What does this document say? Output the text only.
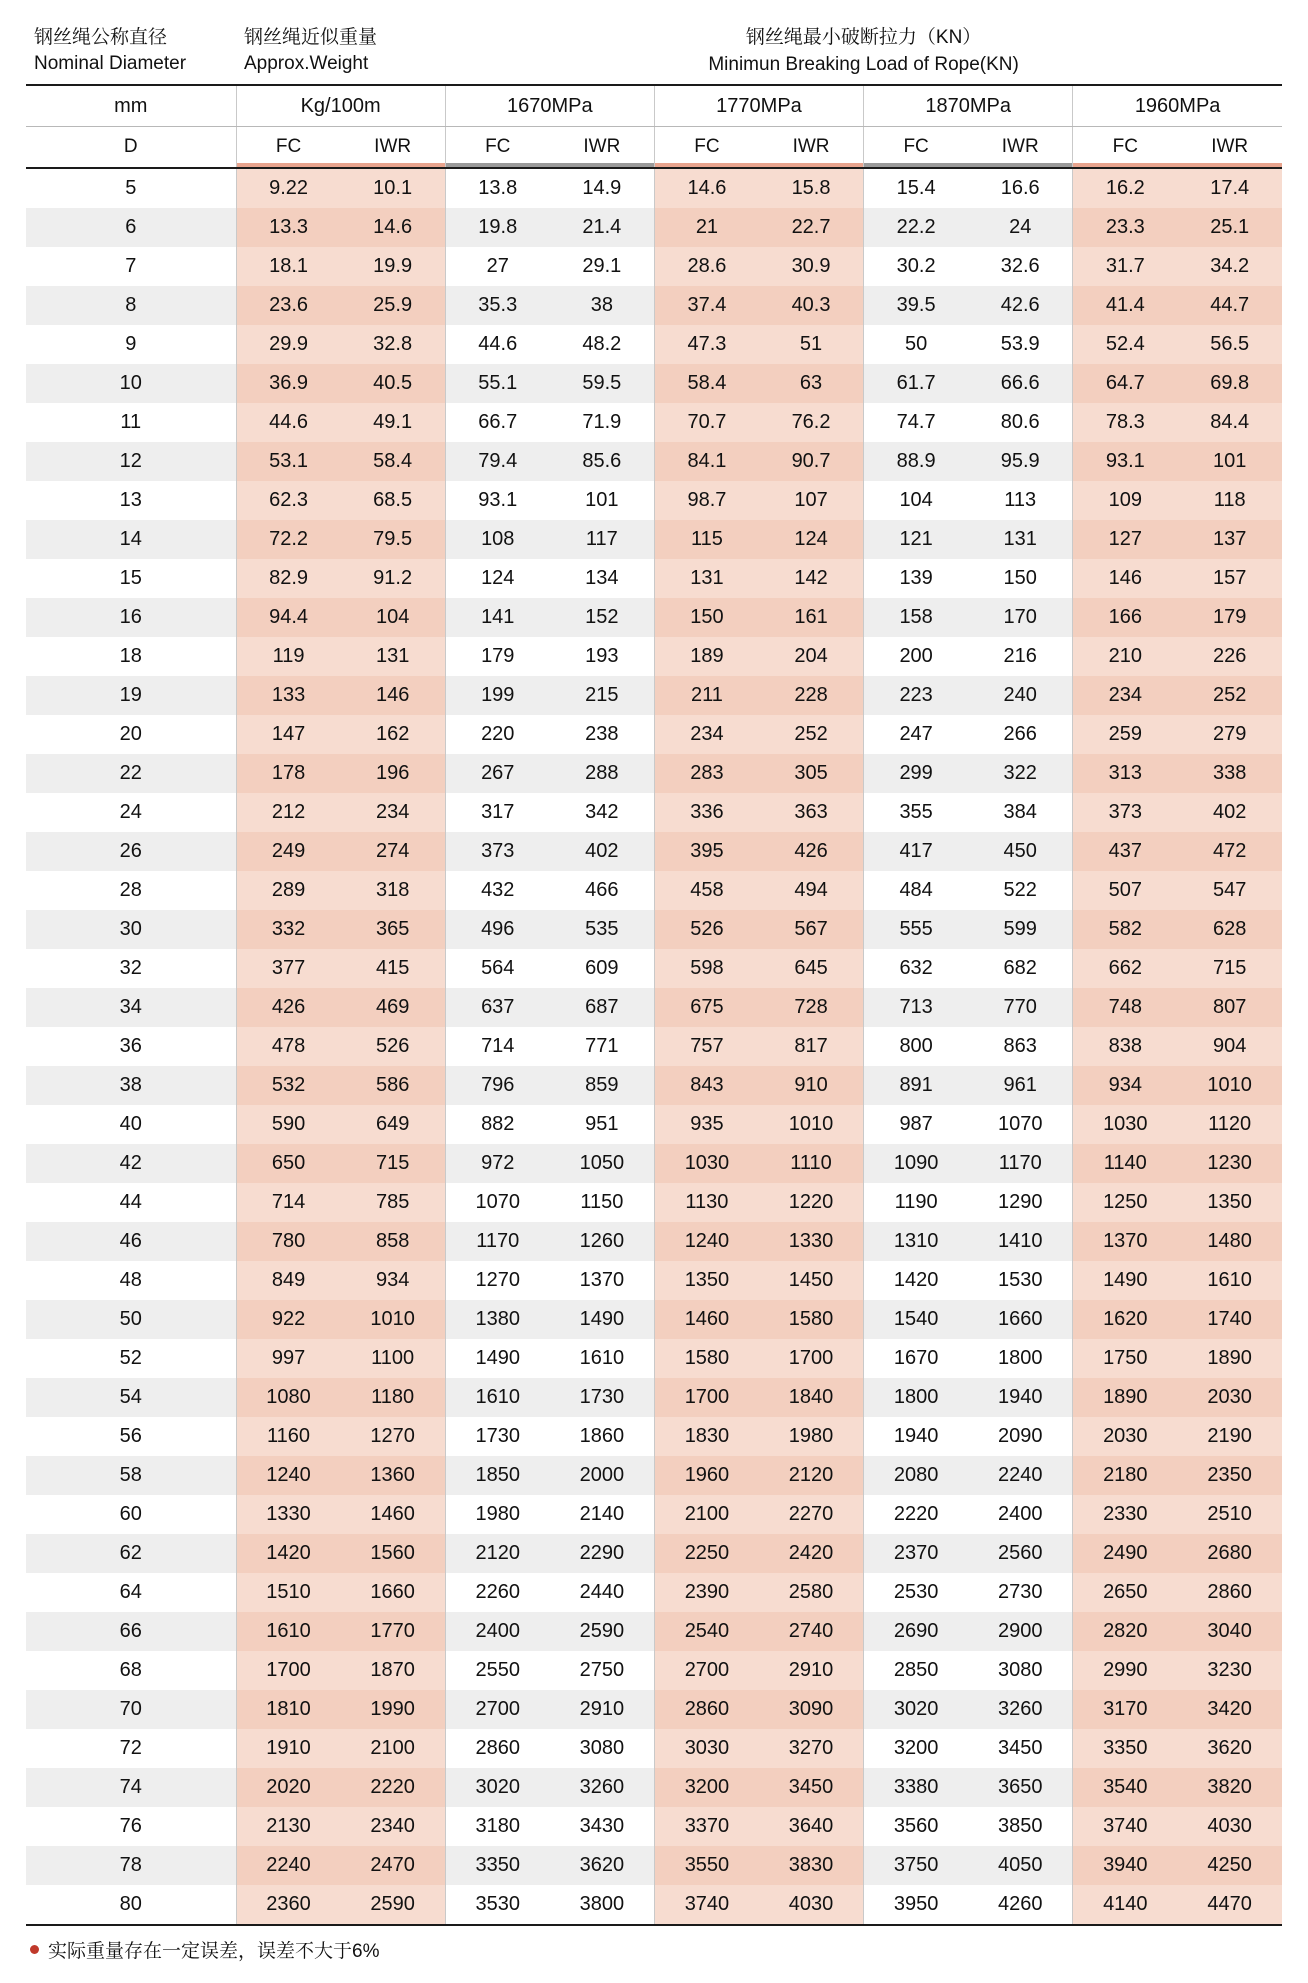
钢丝绳公称直径
Nominal Diameter	钢丝绳近似重量
Approx.Weight		钢丝绳最小破断拉力（KN）
Minimun Breaking Load of Rope(KN)							

mm	Kg/100m		1670MPa		1770MPa		1870MPa		1960MPa	
D	FC	IWR	FC	IWR	FC	IWR	FC	IWR	FC	IWR
5	9.22	10.1	13.8	14.9	14.6	15.8	15.4	16.6	16.2	17.4
6	13.3	14.6	19.8	21.4	21	22.7	22.2	24	23.3	25.1
7	18.1	19.9	27	29.1	28.6	30.9	30.2	32.6	31.7	34.2
8	23.6	25.9	35.3	38	37.4	40.3	39.5	42.6	41.4	44.7
9	29.9	32.8	44.6	48.2	47.3	51	50	53.9	52.4	56.5
10	36.9	40.5	55.1	59.5	58.4	63	61.7	66.6	64.7	69.8
11	44.6	49.1	66.7	71.9	70.7	76.2	74.7	80.6	78.3	84.4
12	53.1	58.4	79.4	85.6	84.1	90.7	88.9	95.9	93.1	101
13	62.3	68.5	93.1	101	98.7	107	104	113	109	118
14	72.2	79.5	108	117	115	124	121	131	127	137
15	82.9	91.2	124	134	131	142	139	150	146	157
16	94.4	104	141	152	150	161	158	170	166	179
18	119	131	179	193	189	204	200	216	210	226
19	133	146	199	215	211	228	223	240	234	252
20	147	162	220	238	234	252	247	266	259	279
22	178	196	267	288	283	305	299	322	313	338
24	212	234	317	342	336	363	355	384	373	402
26	249	274	373	402	395	426	417	450	437	472
28	289	318	432	466	458	494	484	522	507	547
30	332	365	496	535	526	567	555	599	582	628
32	377	415	564	609	598	645	632	682	662	715
34	426	469	637	687	675	728	713	770	748	807
36	478	526	714	771	757	817	800	863	838	904
38	532	586	796	859	843	910	891	961	934	1010
40	590	649	882	951	935	1010	987	1070	1030	1120
42	650	715	972	1050	1030	1110	1090	1170	1140	1230
44	714	785	1070	1150	1130	1220	1190	1290	1250	1350
46	780	858	1170	1260	1240	1330	1310	1410	1370	1480
48	849	934	1270	1370	1350	1450	1420	1530	1490	1610
50	922	1010	1380	1490	1460	1580	1540	1660	1620	1740
52	997	1100	1490	1610	1580	1700	1670	1800	1750	1890
54	1080	1180	1610	1730	1700	1840	1800	1940	1890	2030
56	1160	1270	1730	1860	1830	1980	1940	2090	2030	2190
58	1240	1360	1850	2000	1960	2120	2080	2240	2180	2350
60	1330	1460	1980	2140	2100	2270	2220	2400	2330	2510
62	1420	1560	2120	2290	2250	2420	2370	2560	2490	2680
64	1510	1660	2260	2440	2390	2580	2530	2730	2650	2860
66	1610	1770	2400	2590	2540	2740	2690	2900	2820	3040
68	1700	1870	2550	2750	2700	2910	2850	3080	2990	3230
70	1810	1990	2700	2910	2860	3090	3020	3260	3170	3420
72	1910	2100	2860	3080	3030	3270	3200	3450	3350	3620
74	2020	2220	3020	3260	3200	3450	3380	3650	3540	3820
76	2130	2340	3180	3430	3370	3640	3560	3850	3740	4030
78	2240	2470	3350	3620	3550	3830	3750	4050	3940	4250
80	2360	2590	3530	3800	3740	4030	3950	4260	4140	4470
实际重量存在一定误差，误差不大于6%
